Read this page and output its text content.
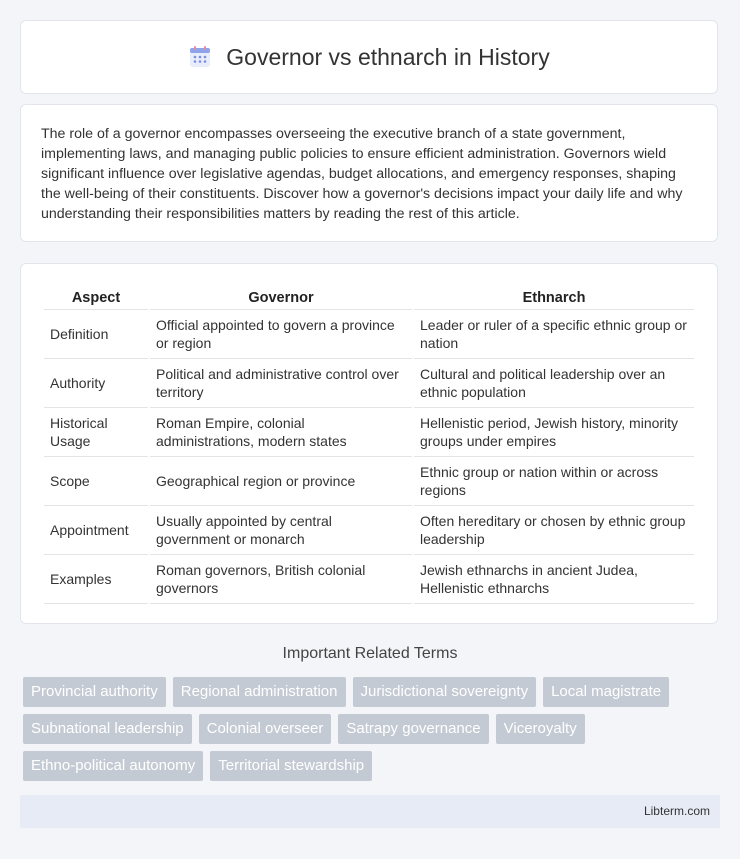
Governor vs ethnarch in History

The role of a governor encompasses overseeing the executive branch of a state government, implementing laws, and managing public policies to ensure efficient administration. Governors wield significant influence over legislative agendas, budget allocations, and emergency responses, shaping the well-being of their constituents. Discover how a governor's decisions impact your daily life and why understanding their responsibilities matters by reading the rest of this article.

Aspect	Governor	Ethnarch
Definition	Official appointed to govern a province or region	Leader or ruler of a specific ethnic group or nation
Authority	Political and administrative control over territory	Cultural and political leadership over an ethnic population
Historical Usage	Roman Empire, colonial administrations, modern states	Hellenistic period, Jewish history, minority groups under empires
Scope	Geographical region or province	Ethnic group or nation within or across regions
Appointment	Usually appointed by central government or monarch	Often hereditary or chosen by ethnic group leadership
Examples	Roman governors, British colonial governors	Jewish ethnarchs in ancient Judea, Hellenistic ethnarchs
Important Related Terms
Provincial authority	Regional administration	Jurisdictional sovereignty	Local magistrate
Subnational leadership	Colonial overseer	Satrapy governance	Viceroyalty
Ethno-political autonomy	Territorial stewardship
Libterm.com
